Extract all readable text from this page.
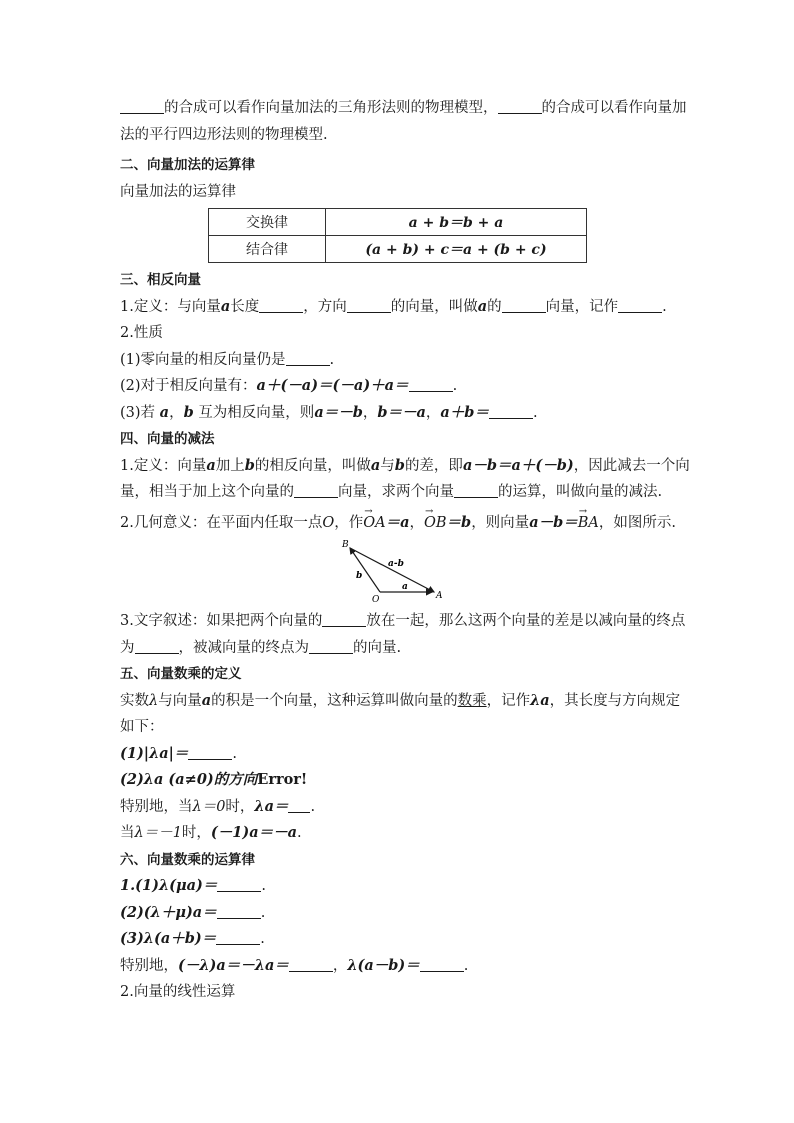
的合成可以看作向量加法的三角形法则的物理模型，	的合成可以看作向量加
法的平行四边形法则的物理模型.
二、向量加法的运算律
向量加法的运算律
交换律	a + b＝b + a
结合律	(a + b) + c＝a + (b + c)
三、相反向量
1.定义：与向量a长度	，方向	的向量，叫做a的	向量，记作	.
2.性质
(1)零向量的相反向量仍是	.
(2)对于相反向量有：a＋(－a)＝(－a)＋a＝	.
(3)若 a，b 互为相反向量，则a＝－b，b＝－a，a＋b＝	.
四、向量的减法
1.定义：向量a加上b的相反向量，叫做a与b的差，即a－b＝a＋(－b)，因此减去一个向
量，相当于加上这个向量的	向量，求两个向量	的运算，叫做向量的减法.
2.几何意义：在平面内任取一点O，作→ OA＝a，→ OB＝b，则向量a－b＝→ BA，如图所示.
B
O	A
a-b
b
a
3.文字叙述：如果把两个向量的	放在一起，那么这两个向量的差是以减向量的终点
为	，被减向量的终点为	的向量.
五、向量数乘的定义
实数λ与向量a的积是一个向量，这种运算叫做向量的数乘，记作λa，其长度与方向规定
如下：
(1)|λa|＝	.
(2)λa (a≠0)的方向Error!
特别地，当λ＝0时，λa＝ .
当λ＝－1时，(－1)a＝－a.
六、向量数乘的运算律
1.(1)λ(μa)＝	.
(2)(λ＋μ)a＝	.
(3)λ(a＋b)＝	.
特别地，(－λ)a＝－λa＝	，λ(a－b)＝	.
2.向量的线性运算
